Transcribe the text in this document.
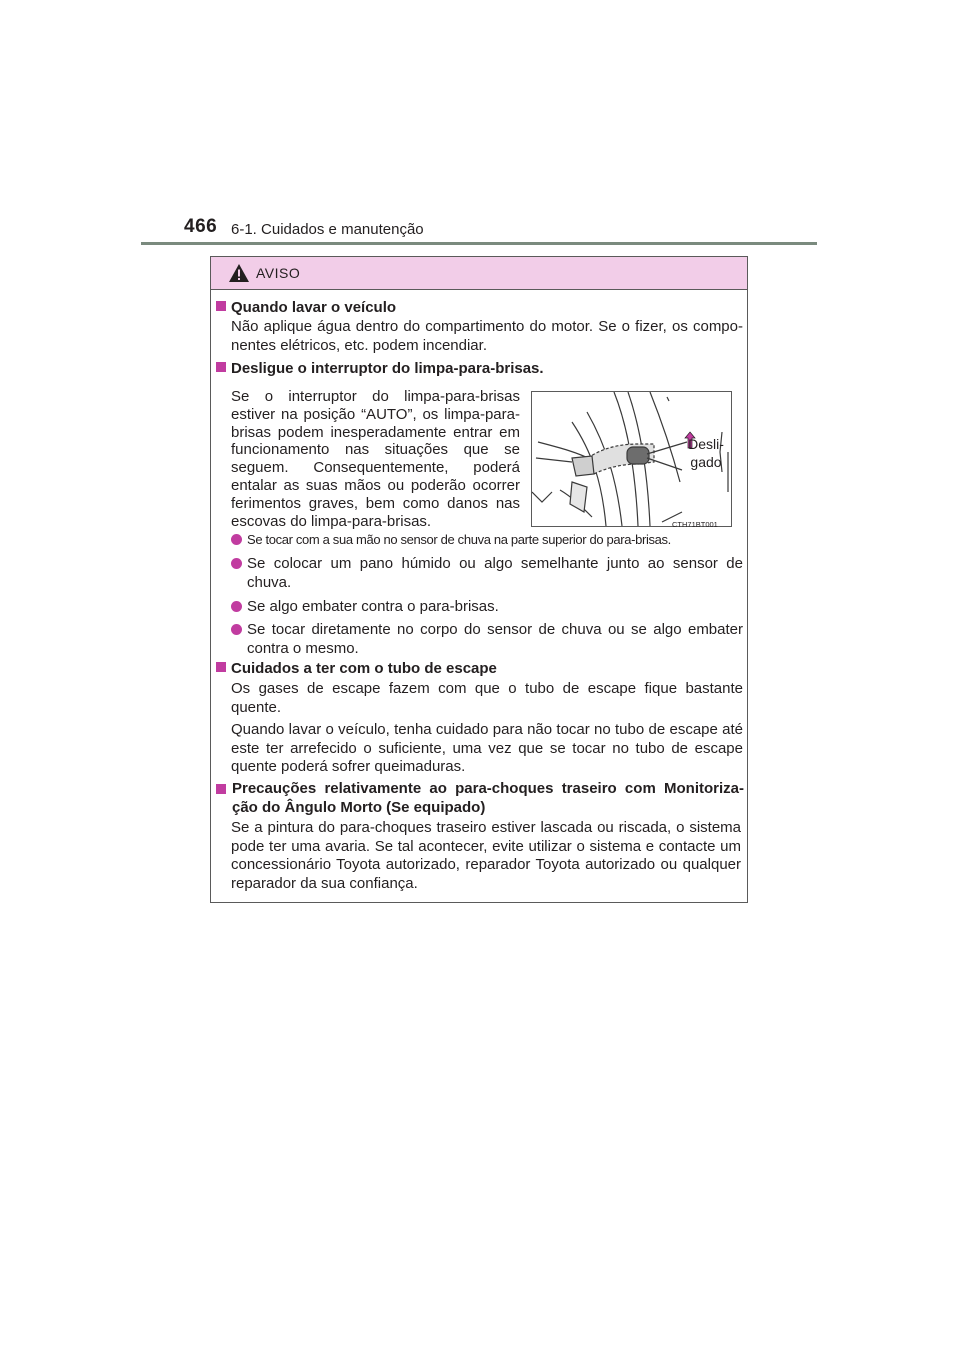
466 6-1. Cuidados e manutenção
AVISO
Quando lavar o veículo
Não aplique água dentro do compartimento do motor. Se o fizer, os compo-nentes elétricos, etc. podem incendiar.
Desligue o interruptor do limpa-para-brisas.
Se o interruptor do limpa-para-brisas estiver na posição “AUTO”, os limpa-para-brisas podem inesperadamente entrar em funcionamento nas situações que se seguem. Consequentemente, poderá entalar as suas mãos ou poderão ocorrer ferimentos graves, bem como danos nas escovas do limpa-para-brisas.
Desli-
gado
CTH71BT001
Se tocar com a sua mão no sensor de chuva na parte superior do para-brisas.
Se colocar um pano húmido ou algo semelhante junto ao sensor de chuva.
Se algo embater contra o para-brisas.
Se tocar diretamente no corpo do sensor de chuva ou se algo embater contra o mesmo.
Cuidados a ter com o tubo de escape
Os gases de escape fazem com que o tubo de escape fique bastante quente.
Quando lavar o veículo, tenha cuidado para não tocar no tubo de escape até este ter arrefecido o suficiente, uma vez que se tocar no tubo de escape quente poderá sofrer queimaduras.
Precauções relativamente ao para-choques traseiro com Monitoriza-ção do Ângulo Morto (Se equipado)
Se a pintura do para-choques traseiro estiver lascada ou riscada, o sistema pode ter uma avaria. Se tal acontecer, evite utilizar o sistema e contacte um concessionário Toyota autorizado, reparador Toyota autorizado ou qualquer reparador da sua confiança.
